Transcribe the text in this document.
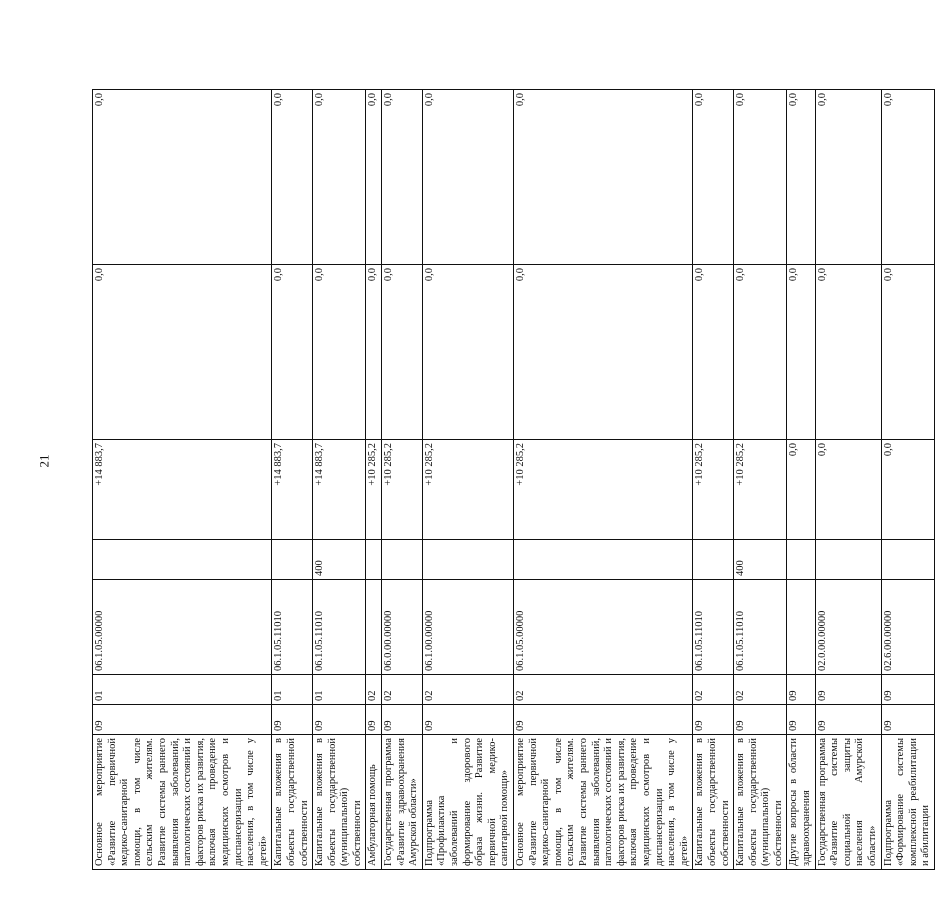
21
Основное мероприятие «Развитие первичной медико-санитарной помощи, в том числе сельским жителям. Развитие системы раннего выявления заболеваний, патологических состояний и факторов риска их развития, включая проведение медицинских осмотров и диспансеризации населения, в том числе у детей»	09	01	06.1.05.00000		+14 883,7	0,0	0,0
Капитальные вложения в объекты государственной собственности	09	01	06.1.05.11010		+14 883,7	0,0	0,0
Капитальные вложения в объекты государственной (муниципальной) собственности	09	01	06.1.05.11010	400	+14 883,7	0,0	0,0
Амбулаторная помощь	09	02			+10 285,2	0,0	0,0
Государственная программа «Развитие здравоохранения Амурской области»	09	02	06.0.00.00000		+10 285,2	0,0	0,0
Подпрограмма «Профилактика заболеваний и формирование здорового образа жизни. Развитие первичной медико-санитарной помощи»	09	02	06.1.00.00000		+10 285,2	0,0	0,0
Основное мероприятие «Развитие первичной медико-санитарной помощи, в том числе сельским жителям. Развитие системы раннего выявления заболеваний, патологических состояний и факторов риска их развития, включая проведение медицинских осмотров и диспансеризации населения, в том числе у детей»	09	02	06.1.05.00000		+10 285,2	0,0	0,0
Капитальные вложения в объекты государственной собственности	09	02	06.1.05.11010		+10 285,2	0,0	0,0
Капитальные вложения в объекты государственной (муниципальной) собственности	09	02	06.1.05.11010	400	+10 285,2	0,0	0,0
Другие вопросы в области здравоохранения	09	09			0,0	0,0	0,0
Государственная программа «Развитие системы социальной защиты населения Амурской области»	09	09	02.0.00.00000		0,0	0,0	0,0
Подпрограмма «Формирование системы комплексной реабилитации и абилитации	09	09	02.6.00.00000		0,0	0,0	0,0
